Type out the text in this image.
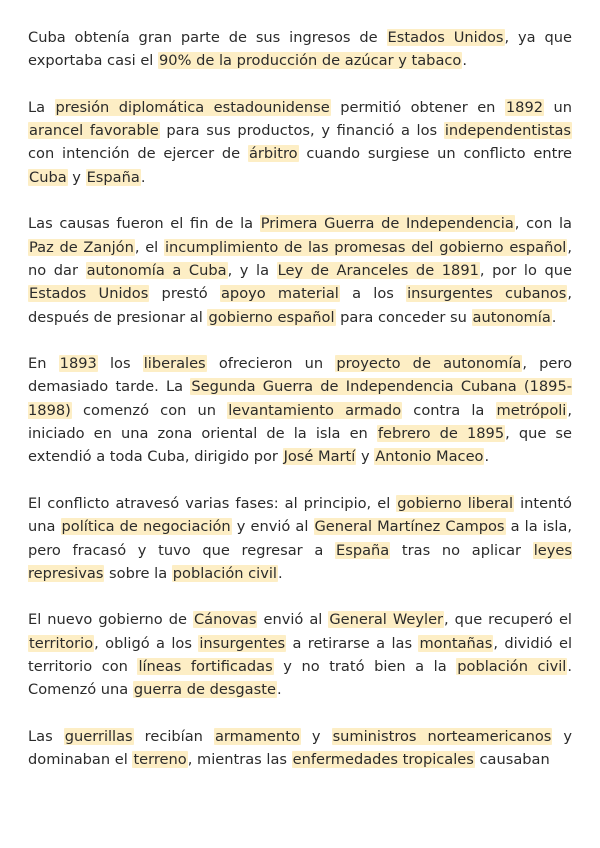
Cuba obtenía gran parte de sus ingresos de Estados Unidos, ya que exportaba casi el 90% de la producción de azúcar y tabaco.

La presión diplomática estadounidense permitió obtener en 1892 un arancel favorable para sus productos, y financió a los independentistas con intención de ejercer de árbitro cuando surgiese un conflicto entre Cuba y España.

Las causas fueron el fin de la Primera Guerra de Independencia, con la Paz de Zanjón, el incumplimiento de las promesas del gobierno español, no dar autonomía a Cuba, y la Ley de Aranceles de 1891, por lo que Estados Unidos prestó apoyo material a los insurgentes cubanos, después de presionar al gobierno español para conceder su autonomía.

En 1893 los liberales ofrecieron un proyecto de autonomía, pero demasiado tarde. La Segunda Guerra de Independencia Cubana (1895-1898) comenzó con un levantamiento armado contra la metrópoli, iniciado en una zona oriental de la isla en febrero de 1895, que se extendió a toda Cuba, dirigido por José Martí y Antonio Maceo.

El conflicto atravesó varias fases: al principio, el gobierno liberal intentó una política de negociación y envió al General Martínez Campos a la isla, pero fracasó y tuvo que regresar a España tras no aplicar leyes represivas sobre la población civil.

El nuevo gobierno de Cánovas envió al General Weyler, que recuperó el territorio, obligó a los insurgentes a retirarse a las montañas, dividió el territorio con líneas fortificadas y no trató bien a la población civil. Comenzó una guerra de desgaste.

Las guerrillas recibían armamento y suministros norteamericanos y dominaban el terreno, mientras las enfermedades tropicales causaban
